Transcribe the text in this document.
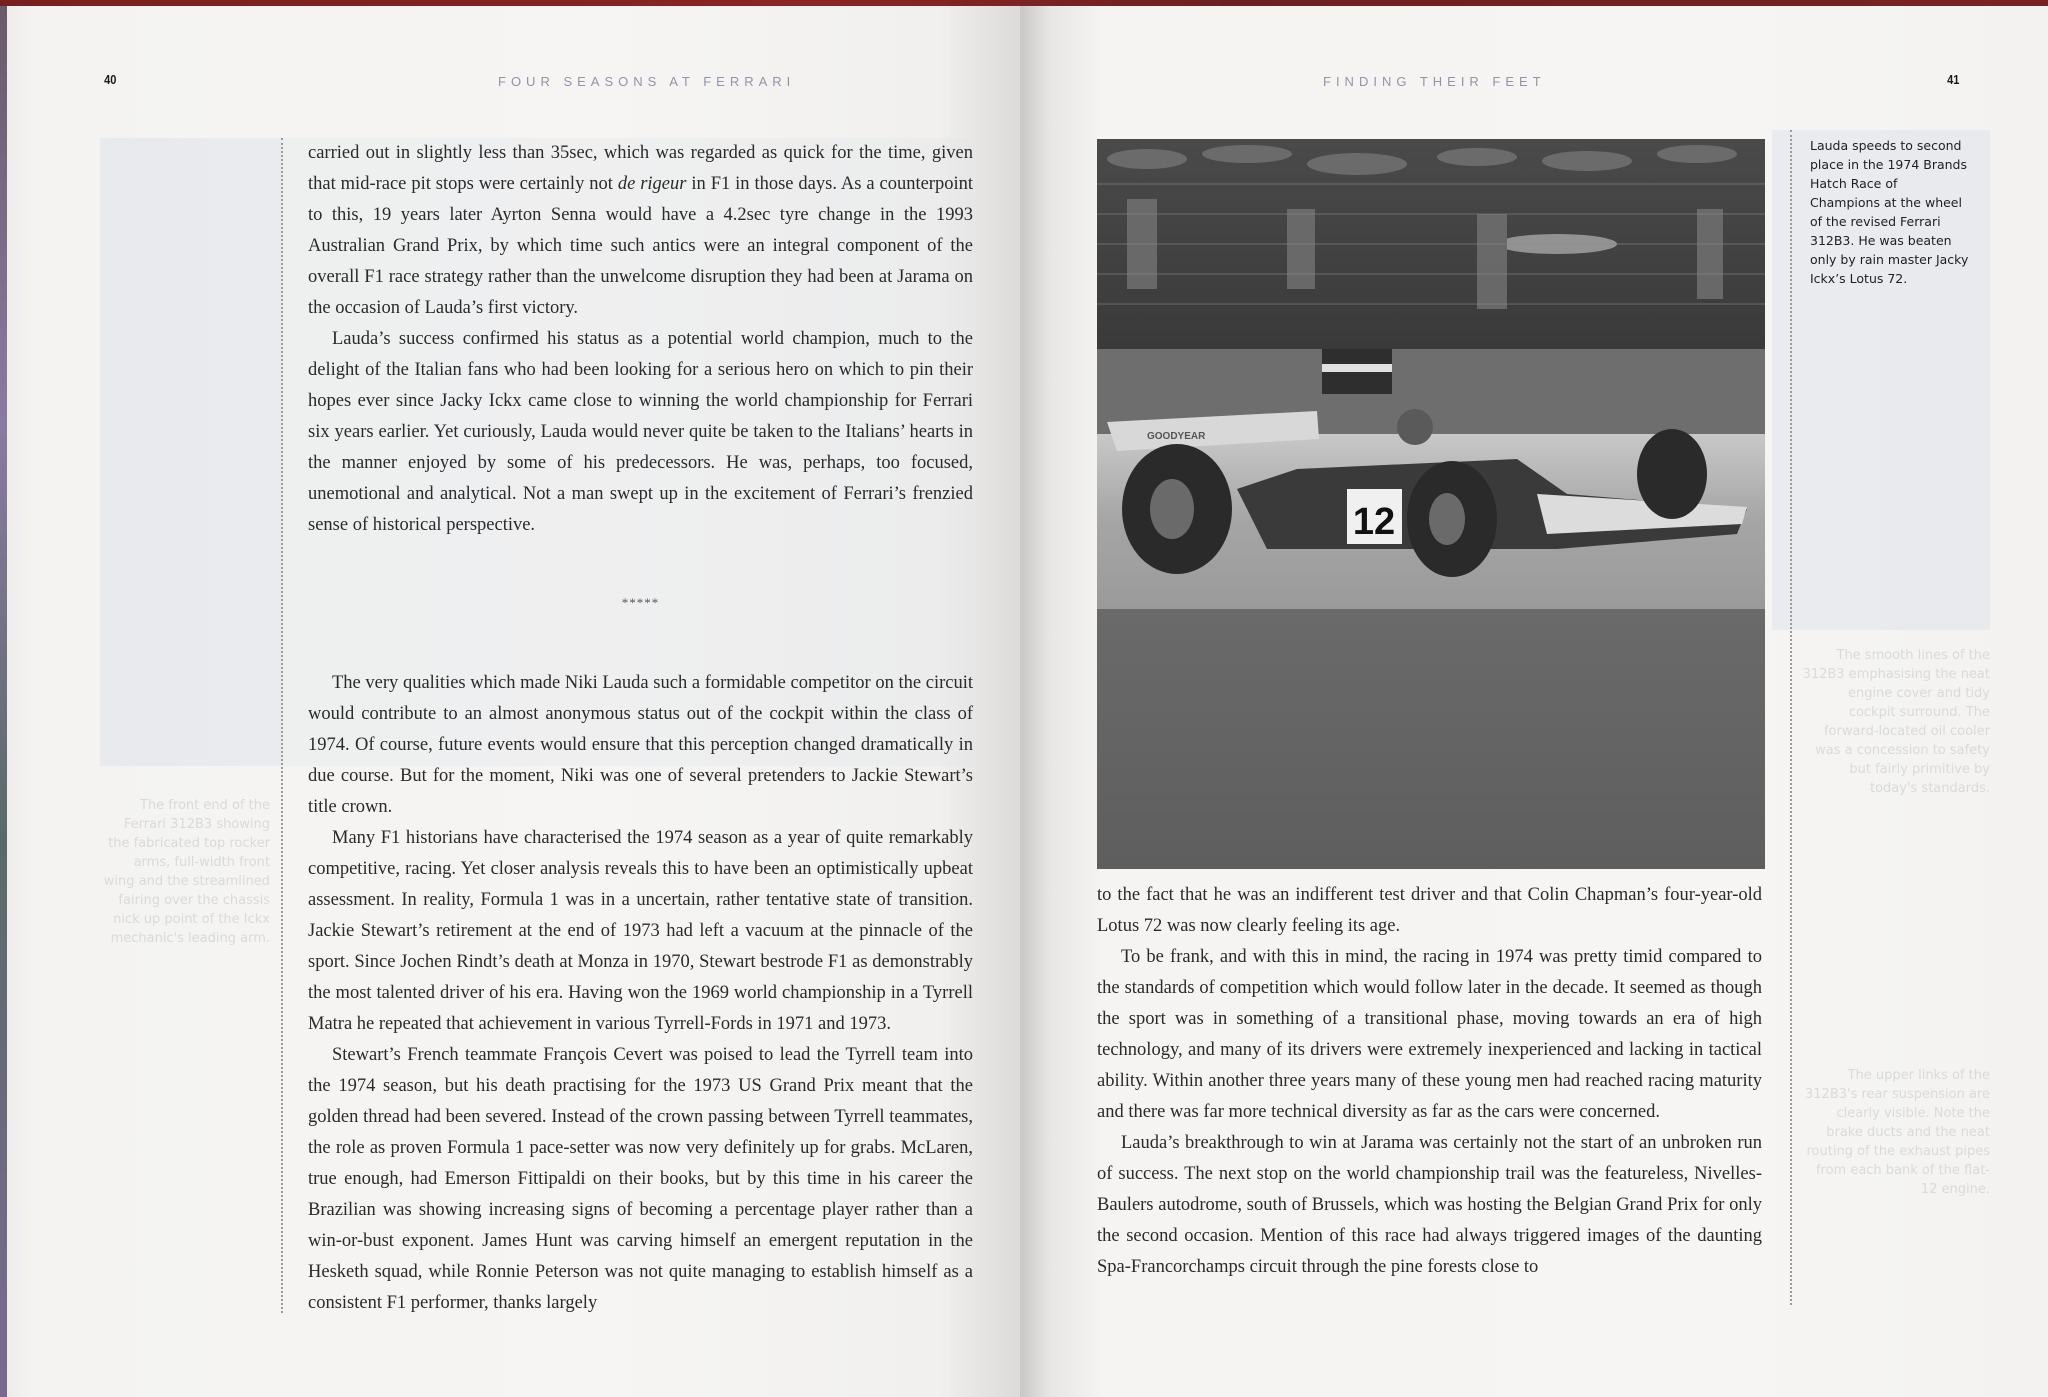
40	FOUR SEASONS AT FERRARI
The front end of the Ferrari 312B3 showing the fabricated top rocker arms, full-width front wing and the streamlined fairing over the chassis nick up point of the Ickx mechanic's leading arm.

carried out in slightly less than 35sec, which was regarded as quick for the time, given that mid-race pit stops were certainly not de rigeur in F1 in those days. As a counterpoint to this, 19 years later Ayrton Senna would have a 4.2sec tyre change in the 1993 Australian Grand Prix, by which time such antics were an integral component of the overall F1 race strategy rather than the unwelcome disruption they had been at Jarama on the occasion of Lauda’s first victory.

Lauda’s success confirmed his status as a potential world champion, much to the delight of the Italian fans who had been looking for a serious hero on which to pin their hopes ever since Jacky Ickx came close to winning the world championship for Ferrari six years earlier. Yet curiously, Lauda would never quite be taken to the Italians’ hearts in the manner enjoyed by some of his predecessors. He was, perhaps, too focused, unemotional and analytical. Not a man swept up in the excitement of Ferrari’s frenzied sense of historical perspective.

*****

The very qualities which made Niki Lauda such a formidable competitor on the circuit would contribute to an almost anonymous status out of the cockpit within the class of 1974. Of course, future events would ensure that this perception changed dramatically in due course. But for the moment, Niki was one of several pretenders to Jackie Stewart’s title crown.

Many F1 historians have characterised the 1974 season as a year of quite remarkably competitive, racing. Yet closer analysis reveals this to have been an optimistically upbeat assessment. In reality, Formula 1 was in a uncertain, rather tentative state of transition. Jackie Stewart’s retirement at the end of 1973 had left a vacuum at the pinnacle of the sport. Since Jochen Rindt’s death at Monza in 1970, Stewart bestrode F1 as demonstrably the most talented driver of his era. Having won the 1969 world championship in a Tyrrell Matra he repeated that achievement in various Tyrrell-Fords in 1971 and 1973.

Stewart’s French teammate François Cevert was poised to lead the Tyrrell team into the 1974 season, but his death practising for the 1973 US Grand Prix meant that the golden thread had been severed. Instead of the crown passing between Tyrrell teammates, the role as proven Formula 1 pace-setter was now very definitely up for grabs. McLaren, true enough, had Emerson Fittipaldi on their books, but by this time in his career the Brazilian was showing increasing signs of becoming a percentage player rather than a win-or-bust exponent. James Hunt was carving himself an emergent reputation in the Hesketh squad, while Ronnie Peterson was not quite managing to establish himself as a consistent F1 performer, thanks largely

FINDING THEIR FEET	41
The smooth lines of the 312B3 emphasising the neat engine cover and tidy cockpit surround. The forward-located oil cooler was a concession to safety but fairly primitive by today's standards.
The upper links of the 312B3's rear suspension are clearly visible. Note the brake ducts and the neat routing of the exhaust pipes from each bank of the flat-12 engine.
12
GOODYEAR
Lauda speeds to second place in the 1974 Brands Hatch Race of Champions at the wheel of the revised Ferrari 312B3. He was beaten only by rain master Jacky Ickx’s Lotus 72.

to the fact that he was an indifferent test driver and that Colin Chapman’s four-year-old Lotus 72 was now clearly feeling its age.

To be frank, and with this in mind, the racing in 1974 was pretty timid compared to the standards of competition which would follow later in the decade. It seemed as though the sport was in something of a transitional phase, moving towards an era of high technology, and many of its drivers were extremely inexperienced and lacking in tactical ability. Within another three years many of these young men had reached racing maturity and there was far more technical diversity as far as the cars were concerned.

Lauda’s breakthrough to win at Jarama was certainly not the start of an unbroken run of success. The next stop on the world championship trail was the featureless, Nivelles-Baulers autodrome, south of Brussels, which was hosting the Belgian Grand Prix for only the second occasion. Mention of this race had always triggered images of the daunting Spa-Francorchamps circuit through the pine forests close to
